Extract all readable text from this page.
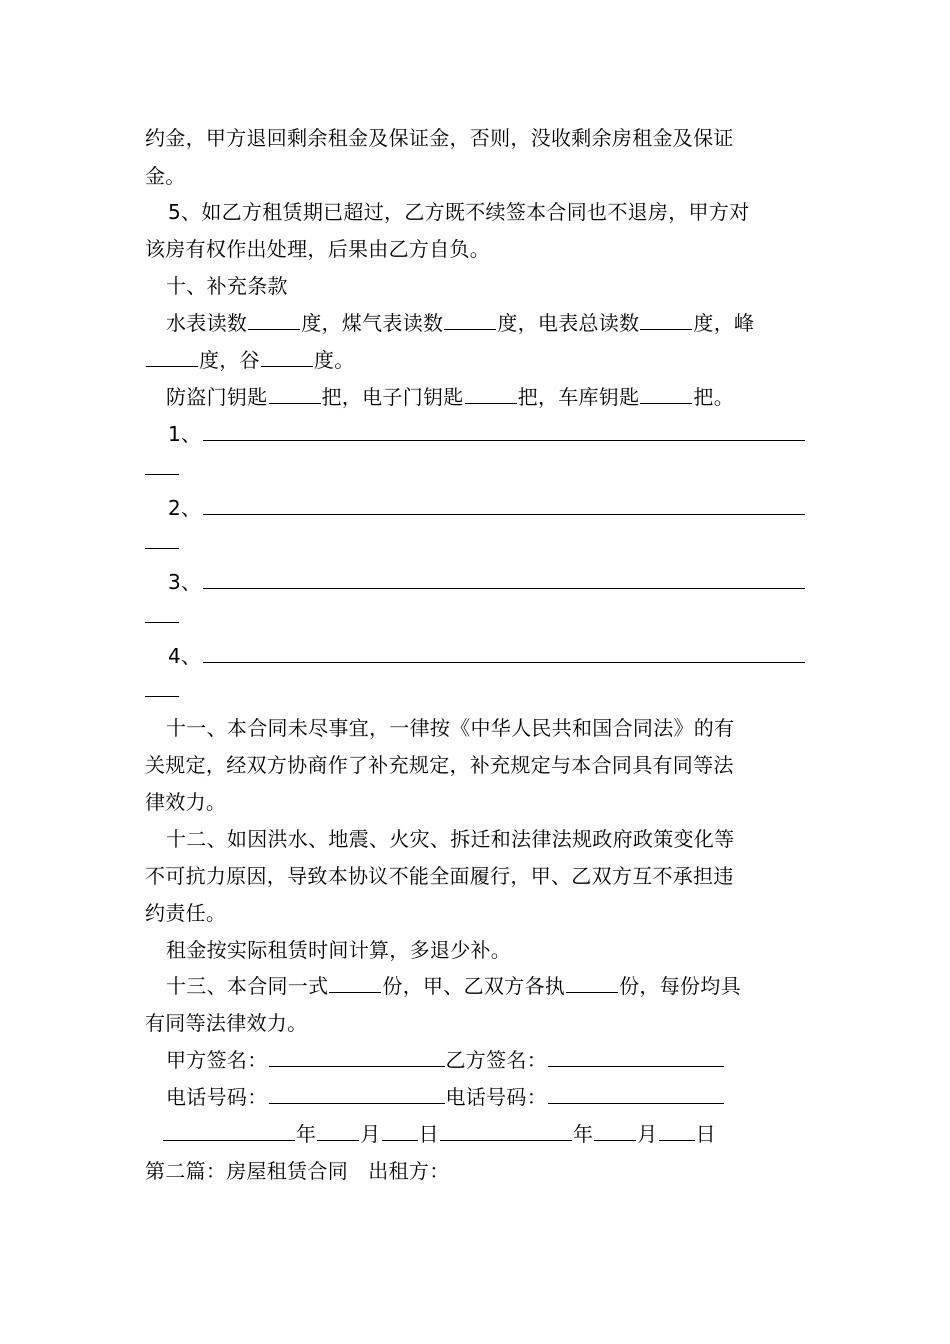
约金，甲方退回剩余租金及保证金，否则，没收剩余房租金及保证
金。
5、如乙方租赁期已超过，乙方既不续签本合同也不退房，甲方对
该房有权作出处理，后果由乙方自负。
十、补充条款
水表读数	度，煤气表读数	度，电表总读数	度，峰
度，谷	度。
防盗门钥匙	把，电子门钥匙	把，车库钥匙	把。
1、
2、
3、
4、
十一、本合同未尽事宜，一律按《中华人民共和国合同法》的有
关规定，经双方协商作了补充规定，补充规定与本合同具有同等法
律效力。
十二、如因洪水、地震、火灾、拆迁和法律法规政府政策变化等
不可抗力原因，导致本协议不能全面履行，甲、乙双方互不承担违
约责任。
租金按实际租赁时间计算，多退少补。
十三、本合同一式	份，甲、乙双方各执	份，每份均具
有同等法律效力。
甲方签名：	乙方签名：
电话号码：	电话号码：
年 月 日	年 月 日
第二篇：房屋租赁合同　出租方：
